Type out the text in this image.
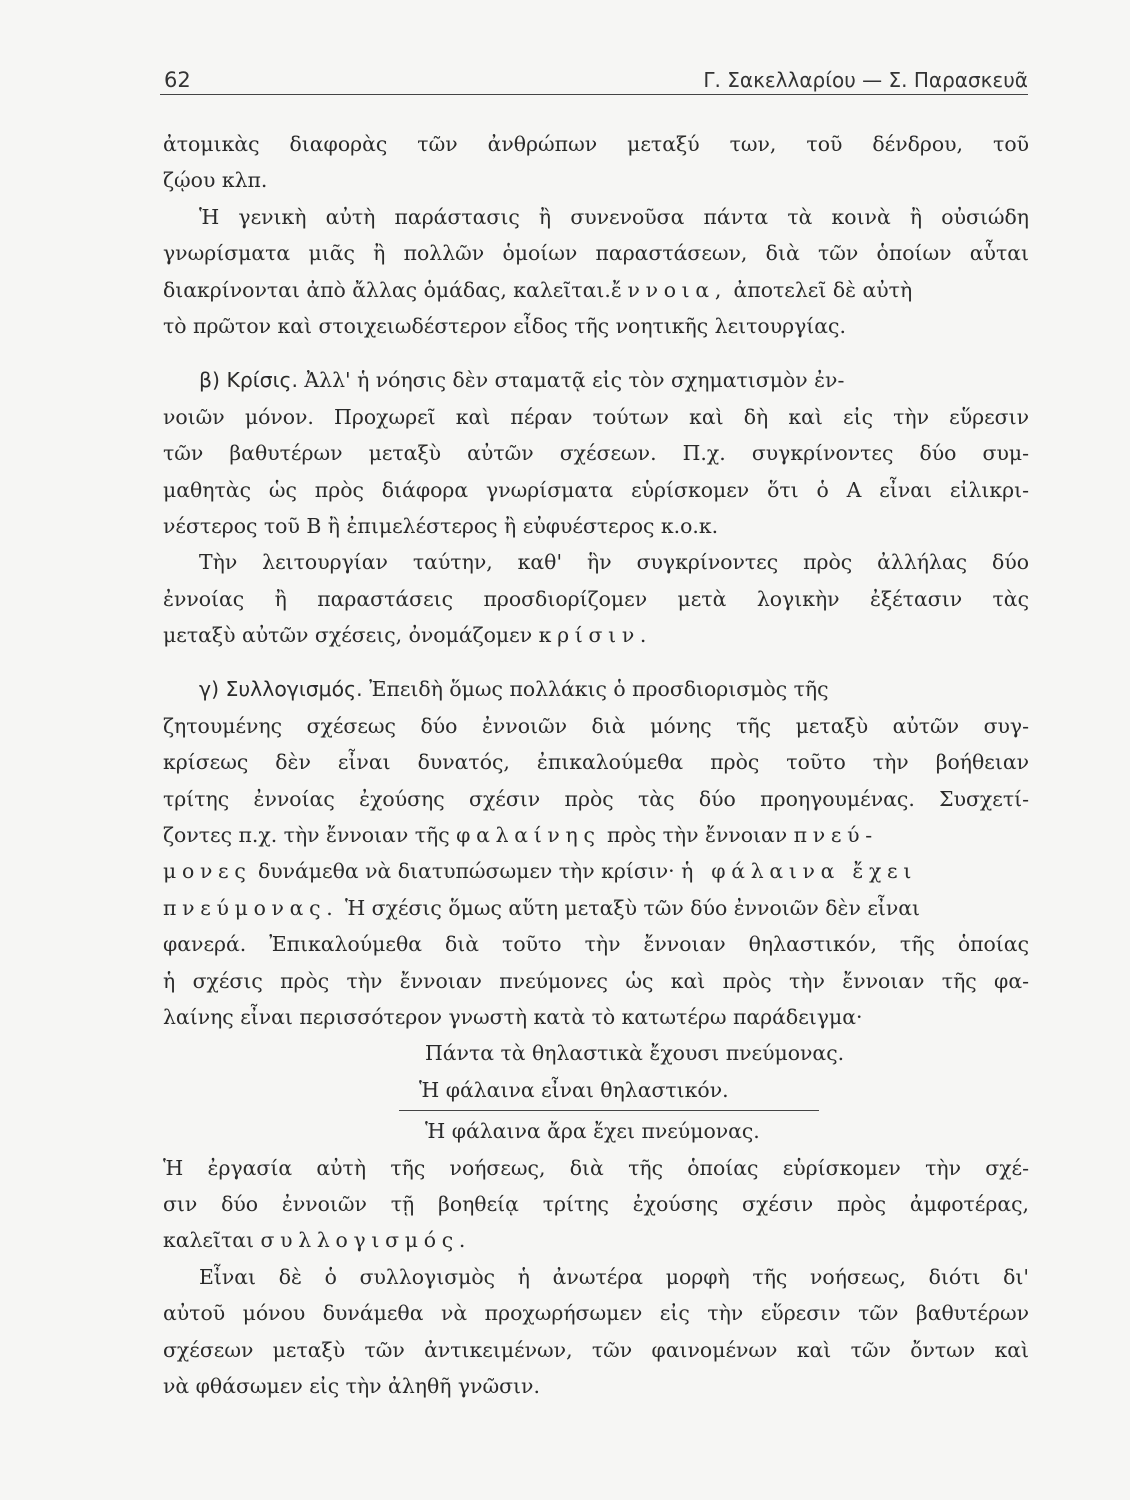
62	Γ. Σακελλαρίου — Σ. Παρασκευᾶ
ἀτομικὰς διαφορὰς τῶν ἀνθρώπων μεταξύ των, τοῦ δένδρου, τοῦ
ζῴου κλπ.
Ἡ γενικὴ αὐτὴ παράστασις ἢ συνενοῦσα πάντα τὰ κοινὰ ἢ οὐσιώδη
γνωρίσματα μιᾶς ἢ πολλῶν ὁμοίων παραστάσεων, διὰ τῶν ὁποίων αὗται
διακρίνονται ἀπὸ ἄλλας ὁμάδας, καλεῖται.ἔννοια, ἀποτελεῖ δὲ αὐτὴ
τὸ πρῶτον καὶ στοιχειωδέστερον εἶδος τῆς νοητικῆς λειτουργίας.
β) Κρίσις. Ἀλλ' ἡ νόησις δὲν σταματᾷ εἰς τὸν σχηματισμὸν ἐν-
νοιῶν μόνον. Προχωρεῖ καὶ πέραν τούτων καὶ δὴ καὶ εἰς τὴν εὕρεσιν
τῶν βαθυτέρων μεταξὺ αὐτῶν σχέσεων. Π.χ. συγκρίνοντες δύο συμ-
μαθητὰς ὡς πρὸς διάφορα γνωρίσματα εὑρίσκομεν ὅτι ὁ Α εἶναι εἰλικρι-
νέστερος τοῦ Β ἢ ἐπιμελέστερος ἢ εὐφυέστερος κ.ο.κ.
Τὴν λειτουργίαν ταύτην, καθ' ἣν συγκρίνοντες πρὸς ἀλλήλας δύο
ἐννοίας ἢ παραστάσεις προσδιορίζομεν μετὰ λογικὴν ἐξέτασιν τὰς
μεταξὺ αὐτῶν σχέσεις, ὀνομάζομεν κρίσιν.
γ) Συλλογισμός. Ἐπειδὴ ὅμως πολλάκις ὁ προσδιορισμὸς τῆς
ζητουμένης σχέσεως δύο ἐννοιῶν διὰ μόνης τῆς μεταξὺ αὐτῶν συγ-
κρίσεως δὲν εἶναι δυνατός, ἐπικαλούμεθα πρὸς τοῦτο τὴν βοήθειαν
τρίτης ἐννοίας ἐχούσης σχέσιν πρὸς τὰς δύο προηγουμένας. Συσχετί-
ζοντες π.χ. τὴν ἔννοιαν τῆς φαλαίνης πρὸς τὴν ἔννοιαν πνεύ-
μονες δυνάμεθα νὰ διατυπώσωμεν τὴν κρίσιν· ἡ φάλαινα ἔχει
πνεύμονας. Ἡ σχέσις ὅμως αὕτη μεταξὺ τῶν δύο ἐννοιῶν δὲν εἶναι
φανερά. Ἐπικαλούμεθα διὰ τοῦτο τὴν ἔννοιαν θηλαστικόν, τῆς ὁποίας
ἡ σχέσις πρὸς τὴν ἔννοιαν πνεύμονες ὡς καὶ πρὸς τὴν ἔννοιαν τῆς φα-
λαίνης εἶναι περισσότερον γνωστὴ κατὰ τὸ κατωτέρω παράδειγμα·
Πάντα τὰ θηλαστικὰ ἔχουσι πνεύμονας.
Ἡ φάλαινα εἶναι θηλαστικόν.
Ἡ φάλαινα ἄρα ἔχει πνεύμονας.
Ἡ ἐργασία αὐτὴ τῆς νοήσεως, διὰ τῆς ὁποίας εὑρίσκομεν τὴν σχέ-
σιν δύο ἐννοιῶν τῇ βοηθείᾳ τρίτης ἐχούσης σχέσιν πρὸς ἀμφοτέρας,
καλεῖται συλλογισμός.
Εἶναι δὲ ὁ συλλογισμὸς ἡ ἀνωτέρα μορφὴ τῆς νοήσεως, διότι δι'
αὐτοῦ μόνου δυνάμεθα νὰ προχωρήσωμεν εἰς τὴν εὕρεσιν τῶν βαθυτέρων
σχέσεων μεταξὺ τῶν ἀντικειμένων, τῶν φαινομένων καὶ τῶν ὄντων καὶ
νὰ φθάσωμεν εἰς τὴν ἀληθῆ γνῶσιν.
